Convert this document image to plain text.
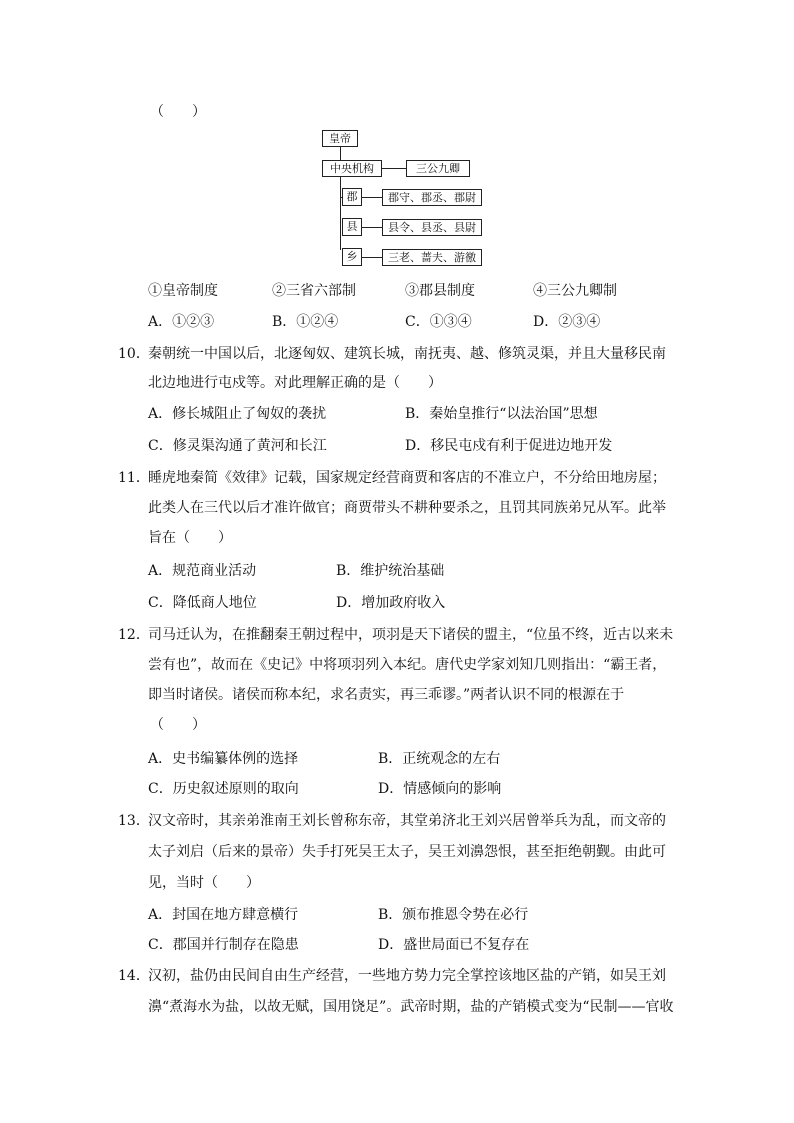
（　　）
皇帝
中央机构	三公九卿
郡	郡守、郡丞、郡尉
县	县令、县丞、县尉
乡	三老、蔷夫、游徼
①皇帝制度	②三省六部制	③郡县制度	④三公九卿制
A．①②③	B．①②④	C．①③④	D．②③④
10．
秦朝统一中国以后，北逐匈奴、建筑长城，南抚夷、越、修筑灵渠，并且大量移民南
北边地进行屯戍等。对此理解正确的是（　　）
A．修长城阻止了匈奴的袭扰	B．秦始皇推行“以法治国”思想
C．修灵渠沟通了黄河和长江	D．移民屯戍有利于促进边地开发
11．
睡虎地秦简《效律》记载，国家规定经营商贾和客店的不准立户，不分给田地房屋；
此类人在三代以后才准许做官；商贾带头不耕种要杀之，且罚其同族弟兄从军。此举
旨在（　　）
A．规范商业活动	B．维护统治基础
C．降低商人地位	D．增加政府收入
12．
司马迁认为，在推翻秦王朝过程中，项羽是天下诸侯的盟主，“位虽不终，近古以来未
尝有也”，故而在《史记》中将项羽列入本纪。唐代史学家刘知几则指出：“霸王者，
即当时诸侯。诸侯而称本纪，求名责实，再三乖谬。”两者认识不同的根源在于
（　　）
A．史书编纂体例的选择	B．正统观念的左右
C．历史叙述原则的取向	D．情感倾向的影响
13．
汉文帝时，其亲弟淮南王刘长曾称东帝，其堂弟济北王刘兴居曾举兵为乱，而文帝的
太子刘启（后来的景帝）失手打死吴王太子，吴王刘濞怨恨，甚至拒绝朝觐。由此可
见，当时（　　）
A．封国在地方肆意横行	B．颁布推恩令势在必行
C．郡国并行制存在隐患	D．盛世局面已不复存在
14．
汉初，盐仍由民间自由生产经营，一些地方势力完全掌控该地区盐的产销，如吴王刘
濞“煮海水为盐，以故无赋，国用饶足”。武帝时期，盐的产销模式变为“民制——官收
